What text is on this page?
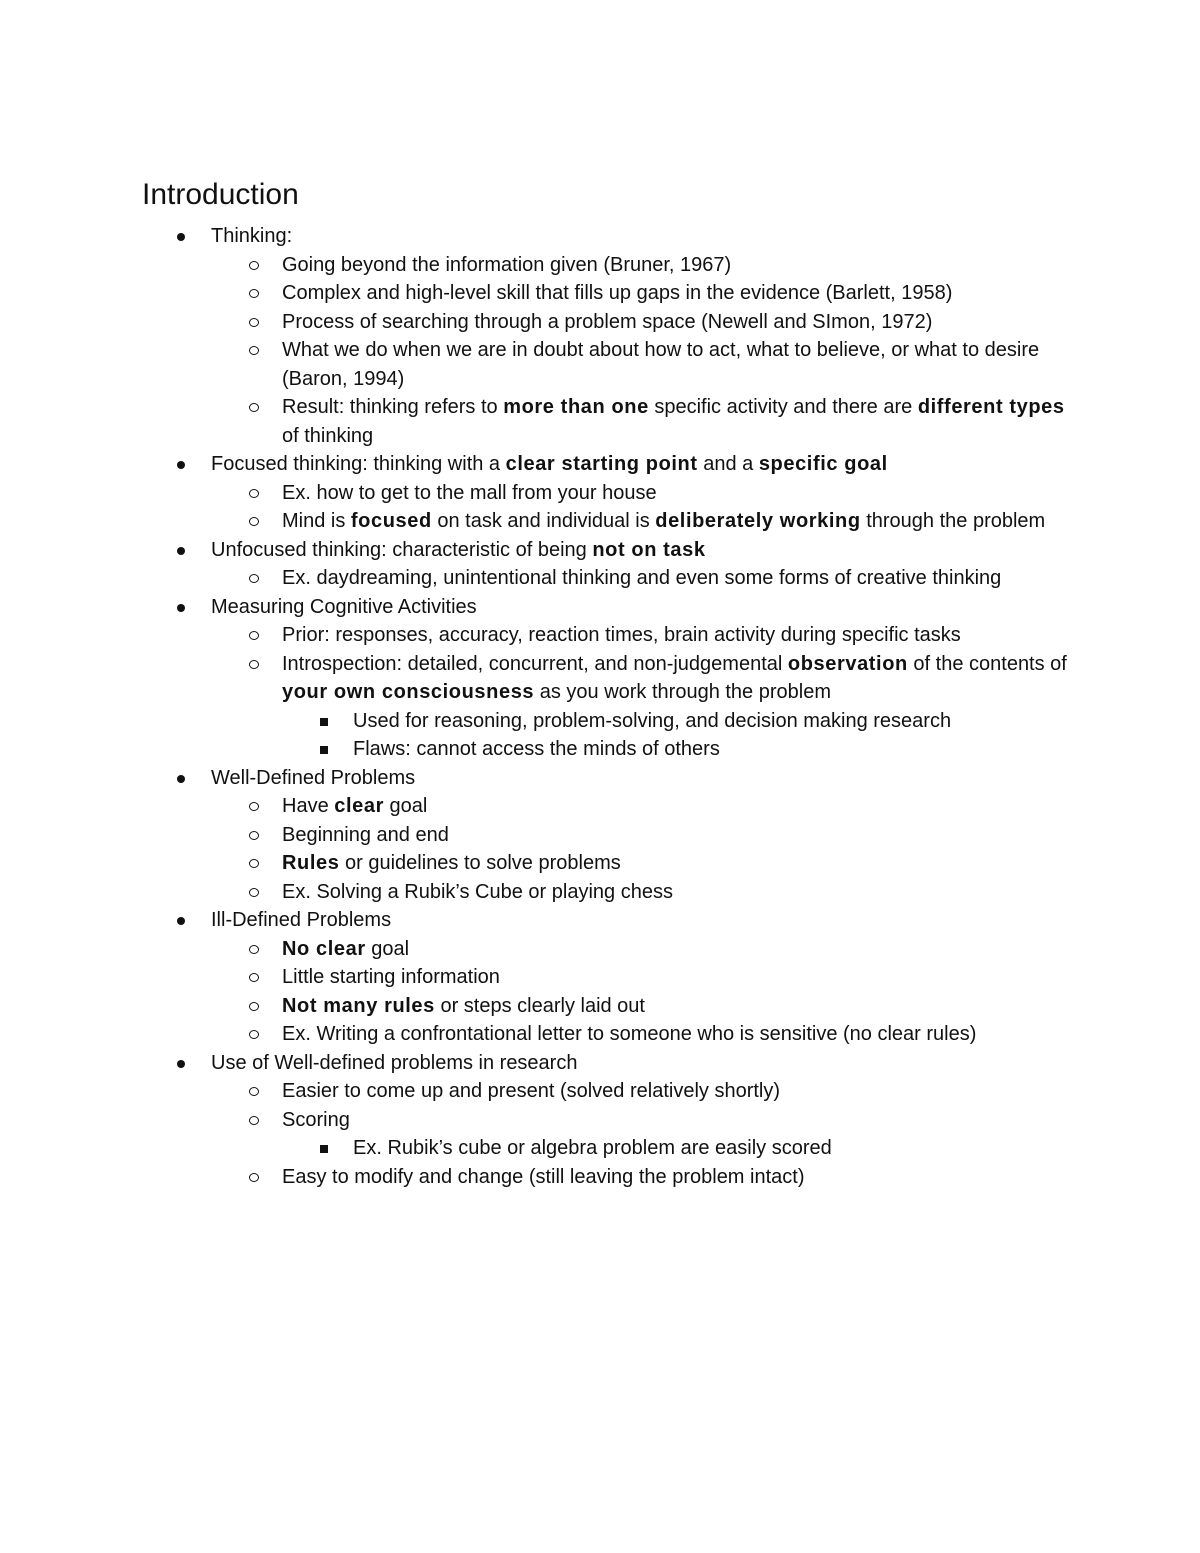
Introduction
Thinking:
Going beyond the information given (Bruner, 1967)
Complex and high-level skill that fills up gaps in the evidence (Barlett, 1958)
Process of searching through a problem space (Newell and SImon, 1972)
What we do when we are in doubt about how to act, what to believe, or what to desire (Baron, 1994)
Result: thinking refers to more than one specific activity and there are different types of thinking
Focused thinking: thinking with a clear starting point and a specific goal
Ex. how to get to the mall from your house
Mind is focused on task and individual is deliberately working through the problem
Unfocused thinking: characteristic of being not on task
Ex. daydreaming, unintentional thinking and even some forms of creative thinking
Measuring Cognitive Activities
Prior: responses, accuracy, reaction times, brain activity during specific tasks
Introspection: detailed, concurrent, and non-judgemental observation of the contents of your own consciousness as you work through the problem
Used for reasoning, problem-solving, and decision making research
Flaws: cannot access the minds of others
Well-Defined Problems
Have clear goal
Beginning and end
Rules or guidelines to solve problems
Ex. Solving a Rubik’s Cube or playing chess
Ill-Defined Problems
No clear goal
Little starting information
Not many rules or steps clearly laid out
Ex. Writing a confrontational letter to someone who is sensitive (no clear rules)
Use of Well-defined problems in research
Easier to come up and present (solved relatively shortly)
Scoring
Ex. Rubik’s cube or algebra problem are easily scored
Easy to modify and change (still leaving the problem intact)
